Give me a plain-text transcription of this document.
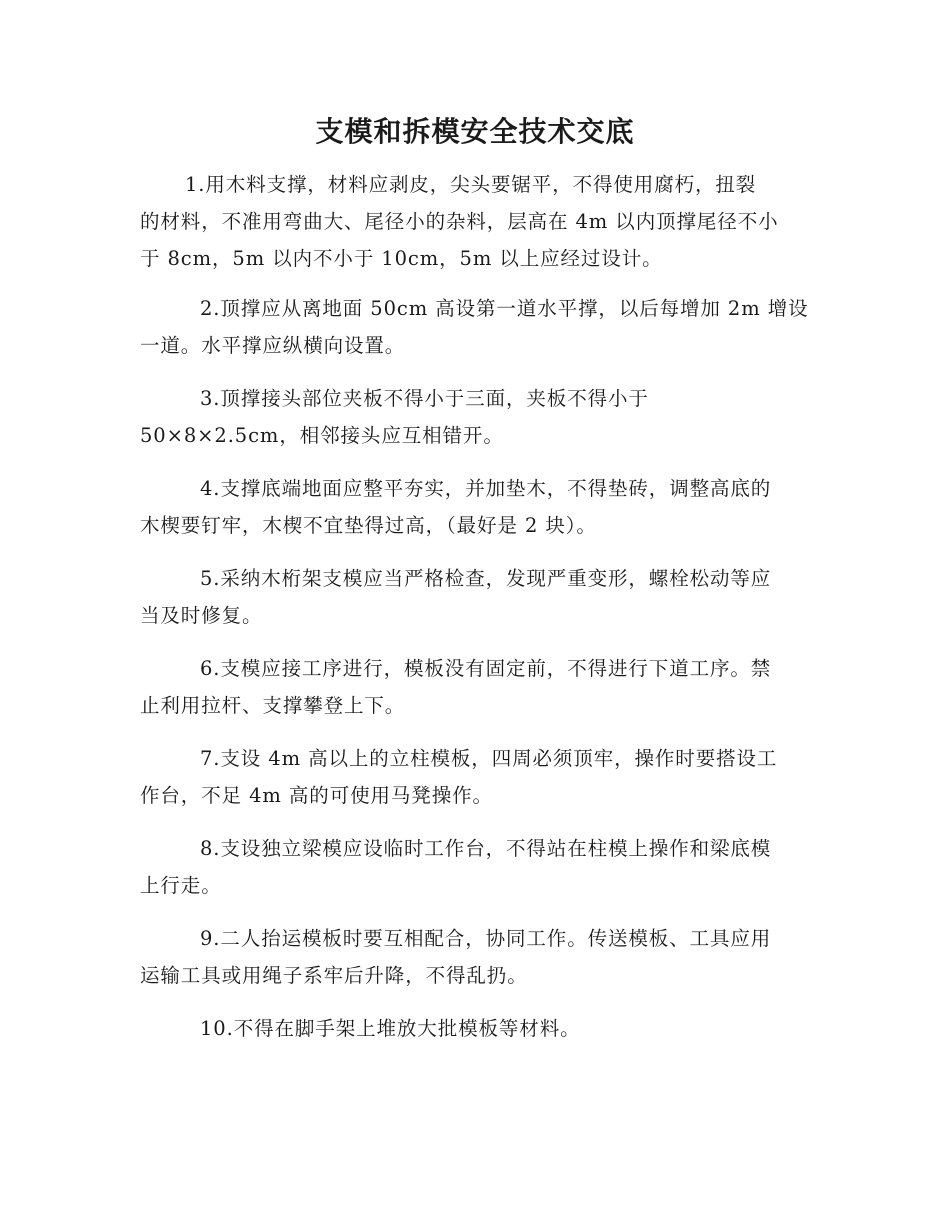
支模和拆模安全技术交底
1.用木料支撑，材料应剥皮，尖头要锯平，不得使用腐朽，扭裂
的材料，不准用弯曲大、尾径小的杂料，层高在 4m 以内顶撑尾径不小
于 8cm，5m 以内不小于 10cm，5m 以上应经过设计。
2.顶撑应从离地面 50cm 高设第一道水平撑，以后每增加 2m 增设
一道。水平撑应纵横向设置。
3.顶撑接头部位夹板不得小于三面，夹板不得小于
50×8×2.5cm，相邻接头应互相错开。
4.支撑底端地面应整平夯实，并加垫木，不得垫砖，调整高底的
木楔要钉牢，木楔不宜垫得过高，（最好是 2 块）。
5.采纳木桁架支模应当严格检查，发现严重变形，螺栓松动等应
当及时修复。
6.支模应接工序进行，模板没有固定前，不得进行下道工序。禁
止利用拉杆、支撑攀登上下。
7.支设 4m 高以上的立柱模板，四周必须顶牢，操作时要搭设工
作台，不足 4m 高的可使用马凳操作。
8.支设独立梁模应设临时工作台，不得站在柱模上操作和梁底模
上行走。
9.二人抬运模板时要互相配合，协同工作。传送模板、工具应用
运输工具或用绳子系牢后升降，不得乱扔。
10.不得在脚手架上堆放大批模板等材料。
